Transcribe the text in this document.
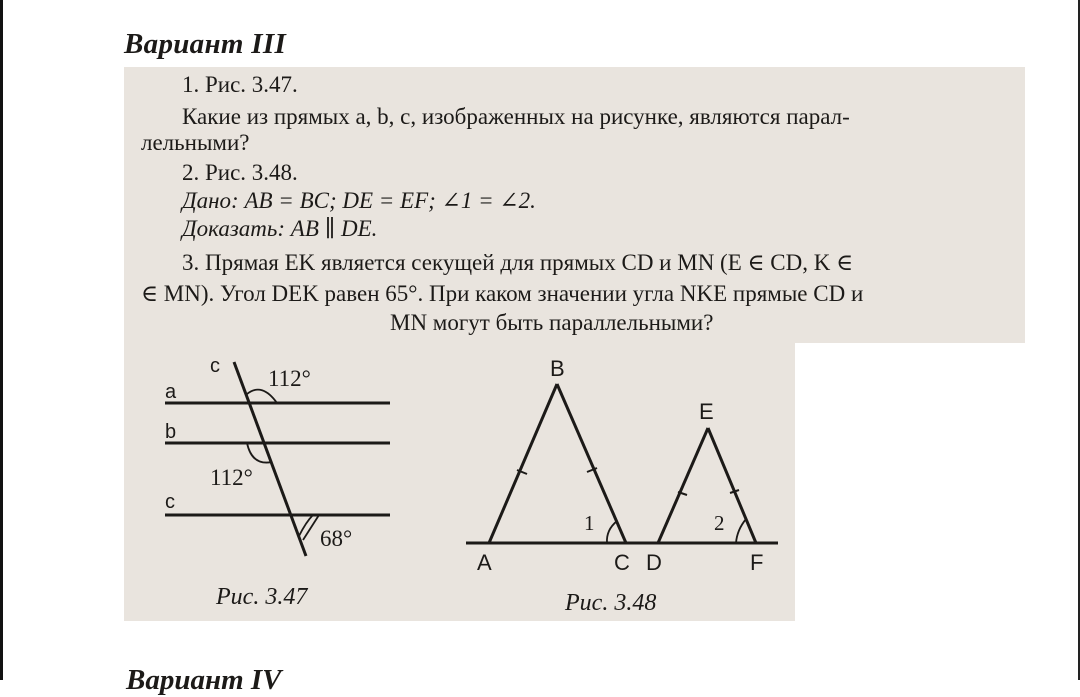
Вариант III
1. Рис. 3.47.
Какие из прямых a, b, c, изображенных на рисунке, являются парал-
лельными?
2. Рис. 3.48.
Дано: AB = BC; DE = EF; ∠1 = ∠2.
Доказать: AB ∥ DE.
3. Прямая EK является секущей для прямых CD и MN (E ∈ CD, K ∈
∈ MN). Угол DEK равен 65°. При каком значении угла NKE прямые CD и
MN могут быть параллельными?
c
a
b
c
112°
112°
68°
B
E
A	C D	F
1	2
Рис. 3.47	Рис. 3.48
Вариант IV
